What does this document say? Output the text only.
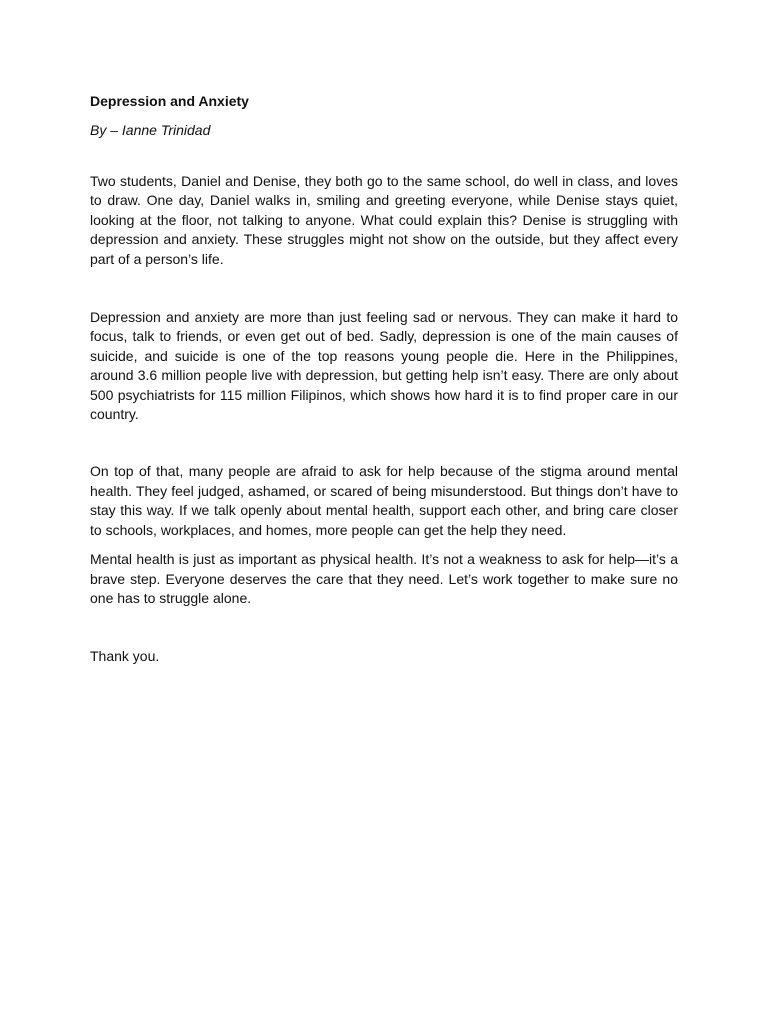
Depression and Anxiety

By – Ianne Trinidad

Two students, Daniel and Denise, they both go to the same school, do well in class, and loves to draw. One day, Daniel walks in, smiling and greeting everyone, while Denise stays quiet, looking at the floor, not talking to anyone. What could explain this? Denise is struggling with depression and anxiety. These struggles might not show on the outside, but they affect every part of a person’s life.

Depression and anxiety are more than just feeling sad or nervous. They can make it hard to focus, talk to friends, or even get out of bed. Sadly, depression is one of the main causes of suicide, and suicide is one of the top reasons young people die. Here in the Philippines, around 3.6 million people live with depression, but getting help isn’t easy. There are only about 500 psychiatrists for 115 million Filipinos, which shows how hard it is to find proper care in our country.

On top of that, many people are afraid to ask for help because of the stigma around mental health. They feel judged, ashamed, or scared of being misunderstood. But things don’t have to stay this way. If we talk openly about mental health, support each other, and bring care closer to schools, workplaces, and homes, more people can get the help they need.

Mental health is just as important as physical health. It’s not a weakness to ask for help—it’s a brave step. Everyone deserves the care that they need. Let’s work together to make sure no one has to struggle alone.

Thank you.
